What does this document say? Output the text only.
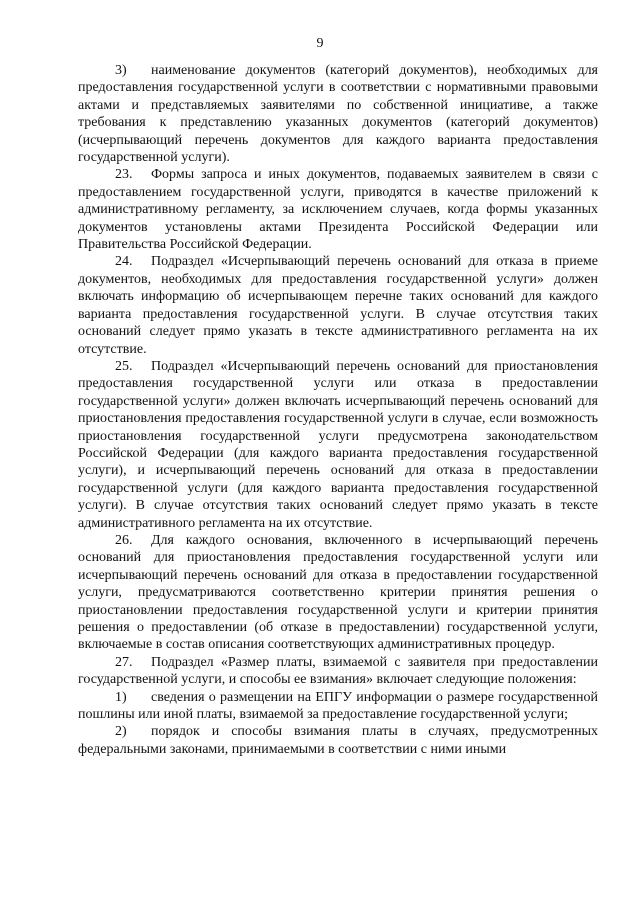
9

3) наименование документов (категорий документов), необходимых для предоставления государственной услуги в соответствии с нормативными правовыми актами и представляемых заявителями по собственной инициативе, а также требования к представлению указанных документов (категорий документов) (исчерпывающий перечень документов для каждого варианта предоставления государственной услуги).

23. Формы запроса и иных документов, подаваемых заявителем в связи с предоставлением государственной услуги, приводятся в качестве приложений к административному регламенту, за исключением случаев, когда формы указанных документов установлены актами Президента Российской Федерации или Правительства Российской Федерации.

24. Подраздел «Исчерпывающий перечень оснований для отказа в приеме документов, необходимых для предоставления государственной услуги» должен включать информацию об исчерпывающем перечне таких оснований для каждого варианта предоставления государственной услуги. В случае отсутствия таких оснований следует прямо указать в тексте административного регламента на их отсутствие.

25. Подраздел «Исчерпывающий перечень оснований для приостановления предоставления государственной услуги или отказа в предоставлении государственной услуги» должен включать исчерпывающий перечень оснований для приостановления предоставления государственной услуги в случае, если возможность приостановления государственной услуги предусмотрена законодательством Российской Федерации (для каждого варианта предоставления государственной услуги), и исчерпывающий перечень оснований для отказа в предоставлении государственной услуги (для каждого варианта предоставления государственной услуги). В случае отсутствия таких оснований следует прямо указать в тексте административного регламента на их отсутствие.

26. Для каждого основания, включенного в исчерпывающий перечень оснований для приостановления предоставления государственной услуги или исчерпывающий перечень оснований для отказа в предоставлении государственной услуги, предусматриваются соответственно критерии принятия решения о приостановлении предоставления государственной услуги и критерии принятия решения о предоставлении (об отказе в предоставлении) государственной услуги, включаемые в состав описания соответствующих административных процедур.

27. Подраздел «Размер платы, взимаемой с заявителя при предоставлении государственной услуги, и способы ее взимания» включает следующие положения:

1) сведения о размещении на ЕПГУ информации о размере государственной пошлины или иной платы, взимаемой за предоставление государственной услуги;

2) порядок и способы взимания платы в случаях, предусмотренных федеральными законами, принимаемыми в соответствии с ними иными
